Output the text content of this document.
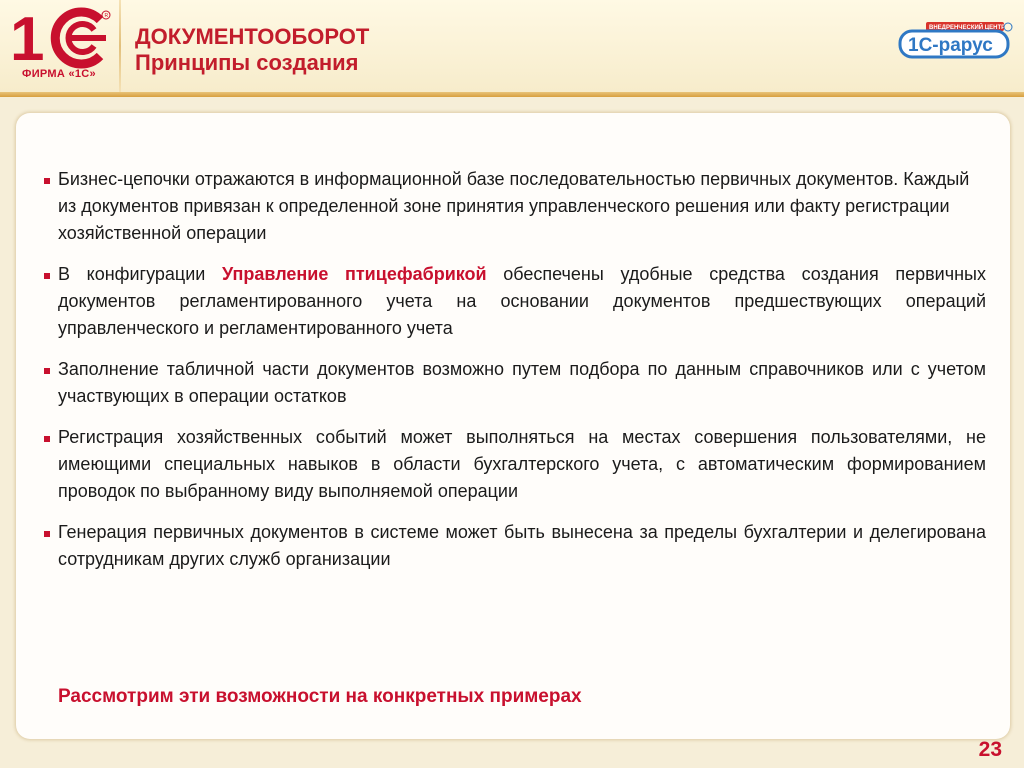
1	R
ФИРМА «1С»
ДОКУМЕНТООБОРОТ
Принципы создания
ВНЕДРЕНЧЕСКИЙ ЦЕНТР
1С-рарус
Бизнес-цепочки отражаются в информационной базе последовательностью первичных документов. Каждый из документов привязан к определенной зоне принятия управленческого решения или факту регистрации хозяйственной операции
В конфигурации Управление птицефабрикой обеспечены удобные средства создания первичных документов регламентированного учета на основании документов предшествующих операций управленческого и регламентированного учета
Заполнение табличной части документов возможно путем подбора по данным справочников или с учетом участвующих в операции остатков
Регистрация хозяйственных событий может выполняться на местах совершения пользователями, не имеющими специальных навыков в области бухгалтерского учета, с автоматическим формированием проводок по выбранному виду выполняемой операции
Генерация первичных документов в системе может быть вынесена за пределы бухгалтерии и делегирована сотрудникам других служб организации
Рассмотрим эти возможности на конкретных примерах
23
